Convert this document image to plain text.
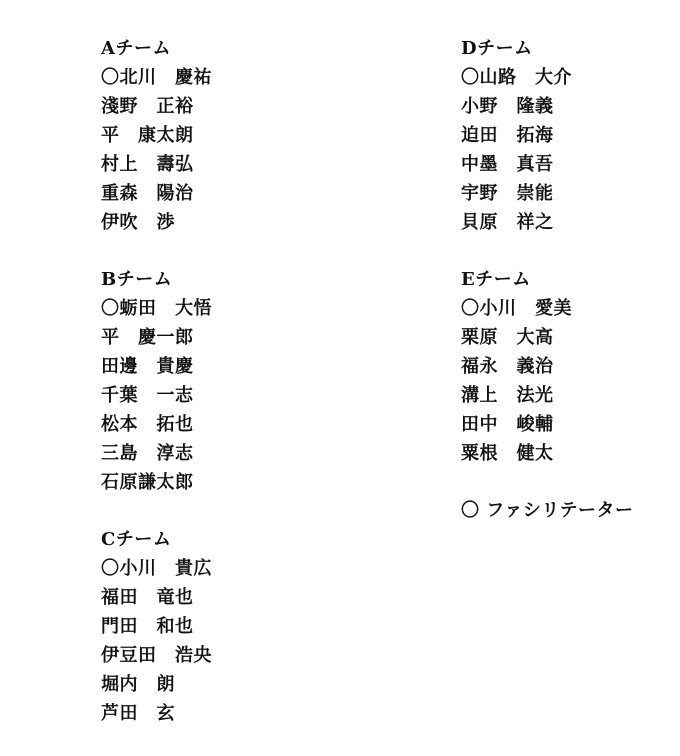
Aチーム
〇北川　慶祐
淺野　正裕
平　康太朗
村上　壽弘
重森　陽治
伊吹　渉
Bチーム
〇蛎田　大悟
平　慶一郎
田邊　貴慶
千葉　一志
松本　拓也
三島　淳志
石原謙太郎
Cチーム
〇小川　貴広
福田　竜也
門田　和也
伊豆田　浩央
堀内　朗
芦田　玄
Dチーム
〇山路　大介
小野　隆義
迫田　拓海
中墨　真吾
宇野　崇能
貝原　祥之
Eチーム
〇小川　愛美
栗原　大高
福永　義治
溝上　法光
田中　峻輔
粟根　健太
〇 ファシリテーター
